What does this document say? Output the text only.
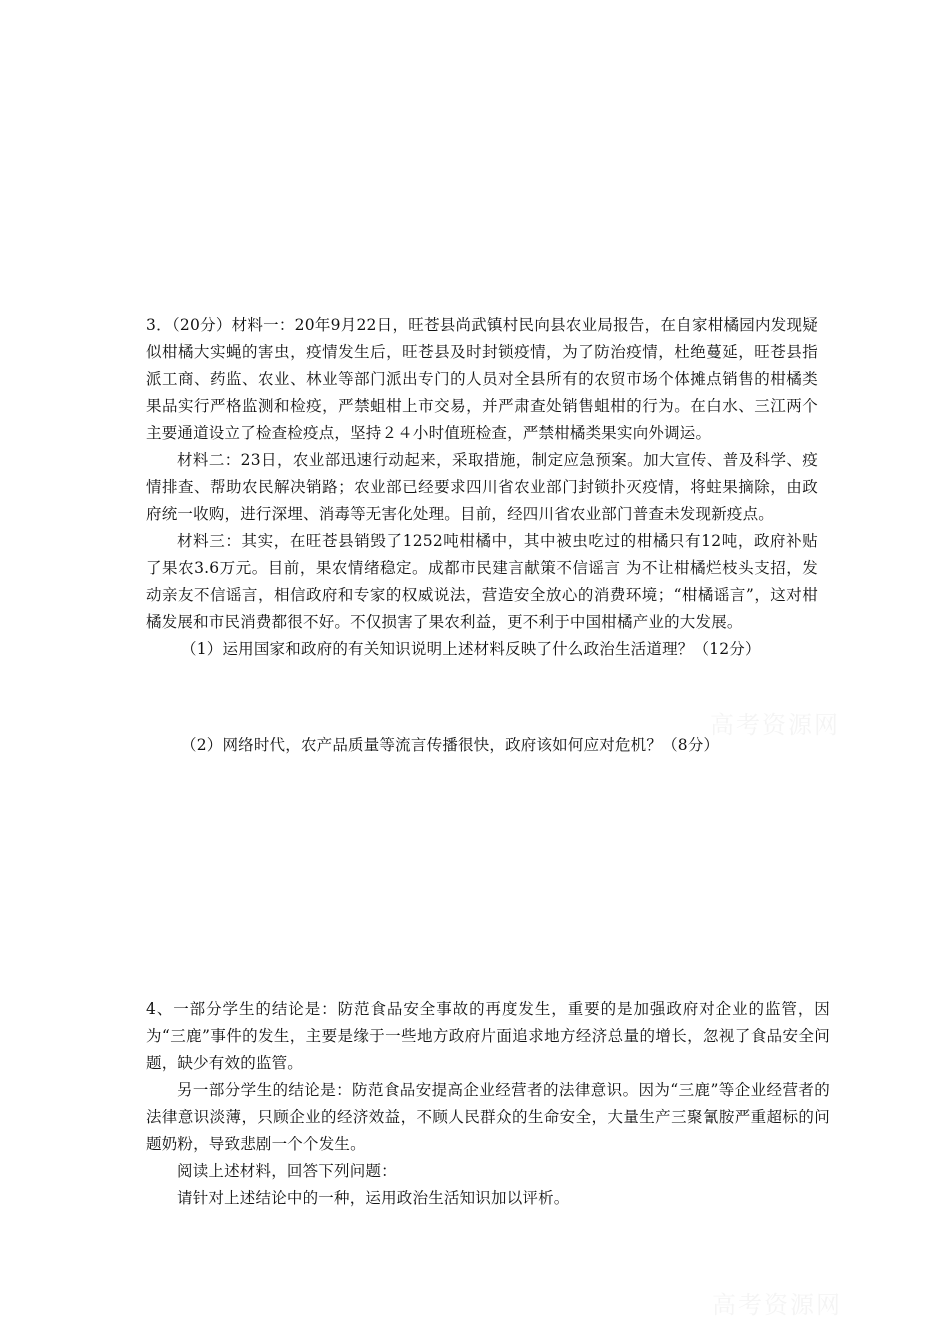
3．（20分）材料一：20年9月22日，旺苍县尚武镇村民向县农业局报告，在自家柑橘园内发现疑似柑橘大实蝇的害虫，疫情发生后，旺苍县及时封锁疫情，为了防治疫情，杜绝蔓延，旺苍县指派工商、药监、农业、林业等部门派出专门的人员对全县所有的农贸市场个体摊点销售的柑橘类果品实行严格监测和检疫，严禁蛆柑上市交易，并严肃查处销售蛆柑的行为。在白水、三江两个主要通道设立了检查检疫点，坚持２４小时值班检查，严禁柑橘类果实向外调运。

材料二：23日，农业部迅速行动起来，采取措施，制定应急预案。加大宣传、普及科学、疫情排查、帮助农民解决销路；农业部已经要求四川省农业部门封锁扑灭疫情，将蛀果摘除，由政府统一收购，进行深埋、消毒等无害化处理。目前，经四川省农业部门普查未发现新疫点。

材料三：其实，在旺苍县销毁了1252吨柑橘中，其中被虫吃过的柑橘只有12吨，政府补贴了果农3.6万元。目前，果农情绪稳定。成都市民建言献策不信谣言 为不让柑橘烂枝头支招，发动亲友不信谣言，相信政府和专家的权威说法，营造安全放心的消费环境；“柑橘谣言”，这对柑橘发展和市民消费都很不好。不仅损害了果农利益，更不利于中国柑橘产业的大发展。

（1）运用国家和政府的有关知识说明上述材料反映了什么政治生活道理？（12分）

（2）网络时代，农产品质量等流言传播很快，政府该如何应对危机？（8分）

4、一部分学生的结论是：防范食品安全事故的再度发生，重要的是加强政府对企业的监管，因为“三鹿”事件的发生，主要是缘于一些地方政府片面追求地方经济总量的增长，忽视了食品安全问题，缺少有效的监管。

另一部分学生的结论是：防范食品安提高企业经营者的法律意识。因为“三鹿”等企业经营者的法律意识淡薄，只顾企业的经济效益，不顾人民群众的生命安全，大量生产三聚氰胺严重超标的问题奶粉，导致悲剧一个个发生。

阅读上述材料，回答下列问题：

请针对上述结论中的一种，运用政治生活知识加以评析。

高考资源网
高考资源网
